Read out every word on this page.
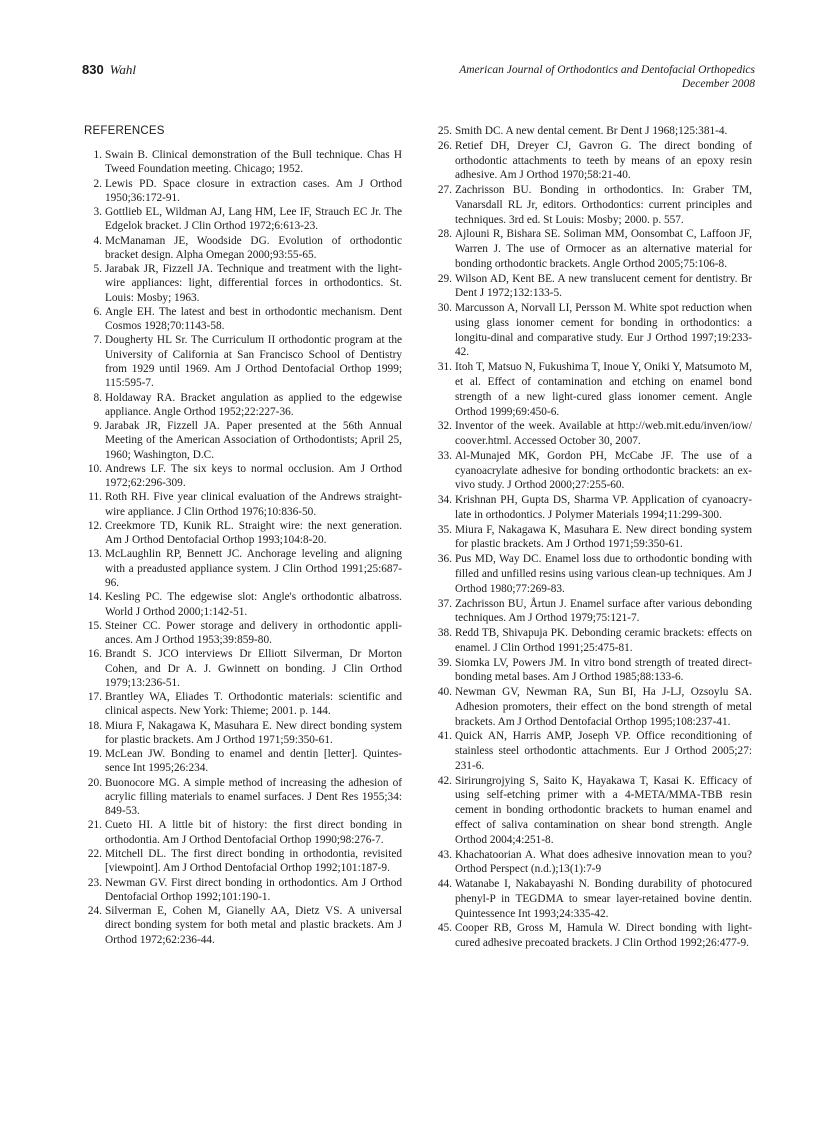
830 Wahl	American Journal of Orthodontics and Dentofacial Orthopedics
December 2008
REFERENCES
1. Swain B. Clinical demonstration of the Bull technique. Chas H Tweed Foundation meeting. Chicago; 1952.
2. Lewis PD. Space closure in extraction cases. Am J Orthod 1950;36:172-91.
3. Gottlieb EL, Wildman AJ, Lang HM, Lee IF, Strauch EC Jr. The Edgelok bracket. J Clin Orthod 1972;6:613-23.
4. McManaman JE, Woodside DG. Evolution of orthodontic bracket design. Alpha Omegan 2000;93:55-65.
5. Jarabak JR, Fizzell JA. Technique and treatment with the light-wire appliances: light, differential forces in orthodontics. St. Louis: Mosby; 1963.
6. Angle EH. The latest and best in orthodontic mechanism. Dent Cosmos 1928;70:1143-58.
7. Dougherty HL Sr. The Curriculum II orthodontic program at the University of California at San Francisco School of Dentistry from 1929 until 1969. Am J Orthod Dentofacial Orthop 1999; 115:595-7.
8. Holdaway RA. Bracket angulation as applied to the edgewise appliance. Angle Orthod 1952;22:227-36.
9. Jarabak JR, Fizzell JA. Paper presented at the 56th Annual Meeting of the American Association of Orthodontists; April 25, 1960; Washington, D.C.
10. Andrews LF. The six keys to normal occlusion. Am J Orthod 1972;62:296-309.
11. Roth RH. Five year clinical evaluation of the Andrews straight-wire appliance. J Clin Orthod 1976;10:836-50.
12. Creekmore TD, Kunik RL. Straight wire: the next generation. Am J Orthod Dentofacial Orthop 1993;104:8-20.
13. McLaughlin RP, Bennett JC. Anchorage leveling and aligning with a preadusted appliance system. J Clin Orthod 1991;25:687-96.
14. Kesling PC. The edgewise slot: Angle's orthodontic albatross. World J Orthod 2000;1:142-51.
15. Steiner CC. Power storage and delivery in orthodontic appli-ances. Am J Orthod 1953;39:859-80.
16. Brandt S. JCO interviews Dr Elliott Silverman, Dr Morton Cohen, and Dr A. J. Gwinnett on bonding. J Clin Orthod 1979;13:236-51.
17. Brantley WA, Eliades T. Orthodontic materials: scientific and clinical aspects. New York: Thieme; 2001. p. 144.
18. Miura F, Nakagawa K, Masuhara E. New direct bonding system for plastic brackets. Am J Orthod 1971;59:350-61.
19. McLean JW. Bonding to enamel and dentin [letter]. Quintes-sence Int 1995;26:234.
20. Buonocore MG. A simple method of increasing the adhesion of acrylic filling materials to enamel surfaces. J Dent Res 1955;34: 849-53.
21. Cueto HI. A little bit of history: the first direct bonding in orthodontia. Am J Orthod Dentofacial Orthop 1990;98:276-7.
22. Mitchell DL. The first direct bonding in orthodontia, revisited [viewpoint]. Am J Orthod Dentofacial Orthop 1992;101:187-9.
23. Newman GV. First direct bonding in orthodontics. Am J Orthod Dentofacial Orthop 1992;101:190-1.
24. Silverman E, Cohen M, Gianelly AA, Dietz VS. A universal direct bonding system for both metal and plastic brackets. Am J Orthod 1972;62:236-44.
25. Smith DC. A new dental cement. Br Dent J 1968;125:381-4.
26. Retief DH, Dreyer CJ, Gavron G. The direct bonding of orthodontic attachments to teeth by means of an epoxy resin adhesive. Am J Orthod 1970;58:21-40.
27. Zachrisson BU. Bonding in orthodontics. In: Graber TM, Vanarsdall RL Jr, editors. Orthodontics: current principles and techniques. 3rd ed. St Louis: Mosby; 2000. p. 557.
28. Ajlouni R, Bishara SE. Soliman MM, Oonsombat C, Laffoon JF, Warren J. The use of Ormocer as an alternative material for bonding orthodontic brackets. Angle Orthod 2005;75:106-8.
29. Wilson AD, Kent BE. A new translucent cement for dentistry. Br Dent J 1972;132:133-5.
30. Marcusson A, Norvall LI, Persson M. White spot reduction when using glass ionomer cement for bonding in orthodontics: a longitu-dinal and comparative study. Eur J Orthod 1997;19:233-42.
31. Itoh T, Matsuo N, Fukushima T, Inoue Y, Oniki Y, Matsumoto M, et al. Effect of contamination and etching on enamel bond strength of a new light-cured glass ionomer cement. Angle Orthod 1999;69:450-6.
32. Inventor of the week. Available at http://web.mit.edu/inven/iow/ coover.html. Accessed October 30, 2007.
33. Al-Munajed MK, Gordon PH, McCabe JF. The use of a cyanoacrylate adhesive for bonding orthodontic brackets: an ex-vivo study. J Orthod 2000;27:255-60.
34. Krishnan PH, Gupta DS, Sharma VP. Application of cyanoacry-late in orthodontics. J Polymer Materials 1994;11:299-300.
35. Miura F, Nakagawa K, Masuhara E. New direct bonding system for plastic brackets. Am J Orthod 1971;59:350-61.
36. Pus MD, Way DC. Enamel loss due to orthodontic bonding with filled and unfilled resins using various clean-up techniques. Am J Orthod 1980;77:269-83.
37. Zachrisson BU, Årtun J. Enamel surface after various debonding techniques. Am J Orthod 1979;75:121-7.
38. Redd TB, Shivapuja PK. Debonding ceramic brackets: effects on enamel. J Clin Orthod 1991;25:475-81.
39. Siomka LV, Powers JM. In vitro bond strength of treated direct-bonding metal bases. Am J Orthod 1985;88:133-6.
40. Newman GV, Newman RA, Sun BI, Ha J-LJ, Ozsoylu SA. Adhesion promoters, their effect on the bond strength of metal brackets. Am J Orthod Dentofacial Orthop 1995;108:237-41.
41. Quick AN, Harris AMP, Joseph VP. Office reconditioning of stainless steel orthodontic attachments. Eur J Orthod 2005;27: 231-6.
42. Sirirungrojying S, Saito K, Hayakawa T, Kasai K. Efficacy of using self-etching primer with a 4-META/MMA-TBB resin cement in bonding orthodontic brackets to human enamel and effect of saliva contamination on shear bond strength. Angle Orthod 2004;4:251-8.
43. Khachatoorian A. What does adhesive innovation mean to you? Orthod Perspect (n.d.);13(1):7-9
44. Watanabe I, Nakabayashi N. Bonding durability of photocured phenyl-P in TEGDMA to smear layer-retained bovine dentin. Quintessence Int 1993;24:335-42.
45. Cooper RB, Gross M, Hamula W. Direct bonding with light-cured adhesive precoated brackets. J Clin Orthod 1992;26:477-9.
